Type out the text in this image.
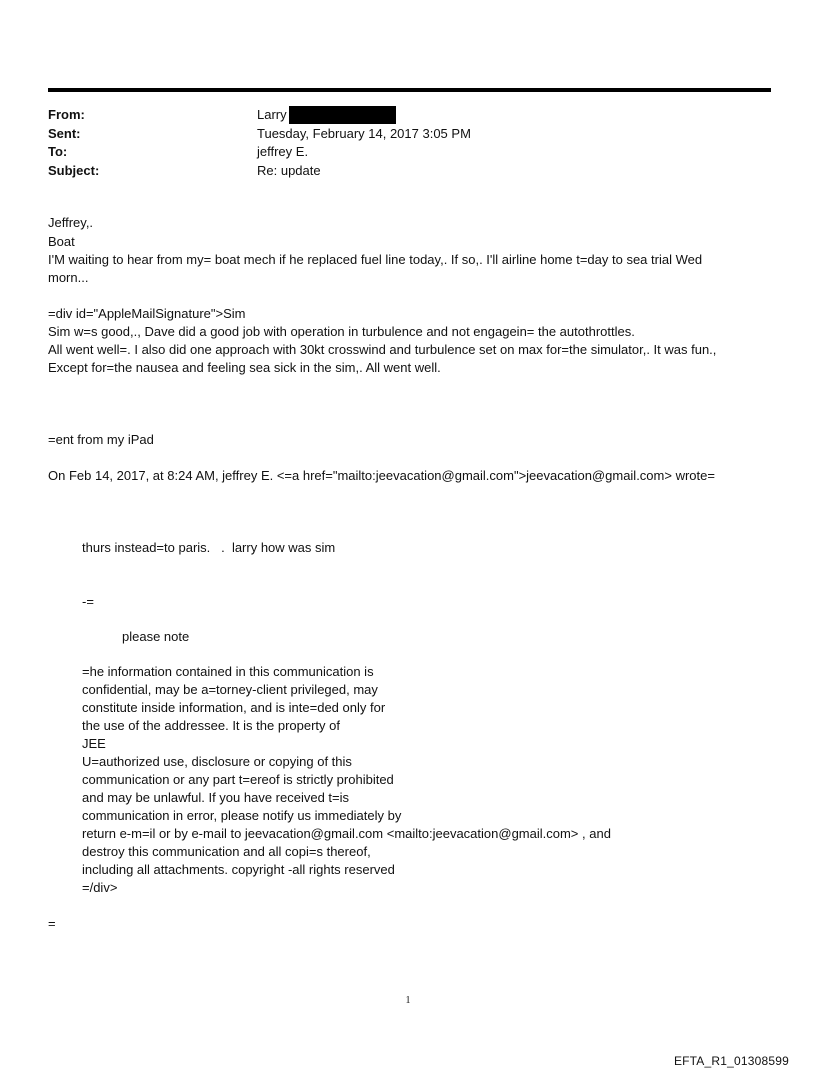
From:	Larry
Sent:	Tuesday, February 14, 2017 3:05 PM
To:	jeffrey E.
Subject:	Re: update
Jeffrey,.
Boat
I'M waiting to hear from my= boat mech if he replaced fuel line today,. If so,. I'll airline home t=day to sea trial Wed
morn...
=div id="AppleMailSignature">Sim
Sim w=s good,., Dave did a good job with operation in turbulence and not engagein= the autothrottles.
All went well=. I also did one approach with 30kt crosswind and turbulence set on max for=the simulator,. It was fun.,
Except for=the nausea and feeling sea sick in the sim,. All went well.
=ent from my iPad
On Feb 14, 2017, at 8:24 AM, jeffrey E. <=a href="mailto:jeevacation@gmail.com">jeevacation@gmail.com> wrote=
thurs instead=to paris.   .  larry how was sim
-=
please note
=he information contained in this communication is
confidential, may be a=torney-client privileged, may
constitute inside information, and is inte=ded only for
the use of the addressee. It is the property of
JEE
U=authorized use, disclosure or copying of this
communication or any part t=ereof is strictly prohibited
and may be unlawful. If you have received t=is
communication in error, please notify us immediately by
return e-m=il or by e-mail to jeevacation@gmail.com <mailto:jeevacation@gmail.com> , and
destroy this communication and all copi=s thereof,
including all attachments. copyright -all rights reserved
=/div>
=
1
EFTA_R1_01308599
